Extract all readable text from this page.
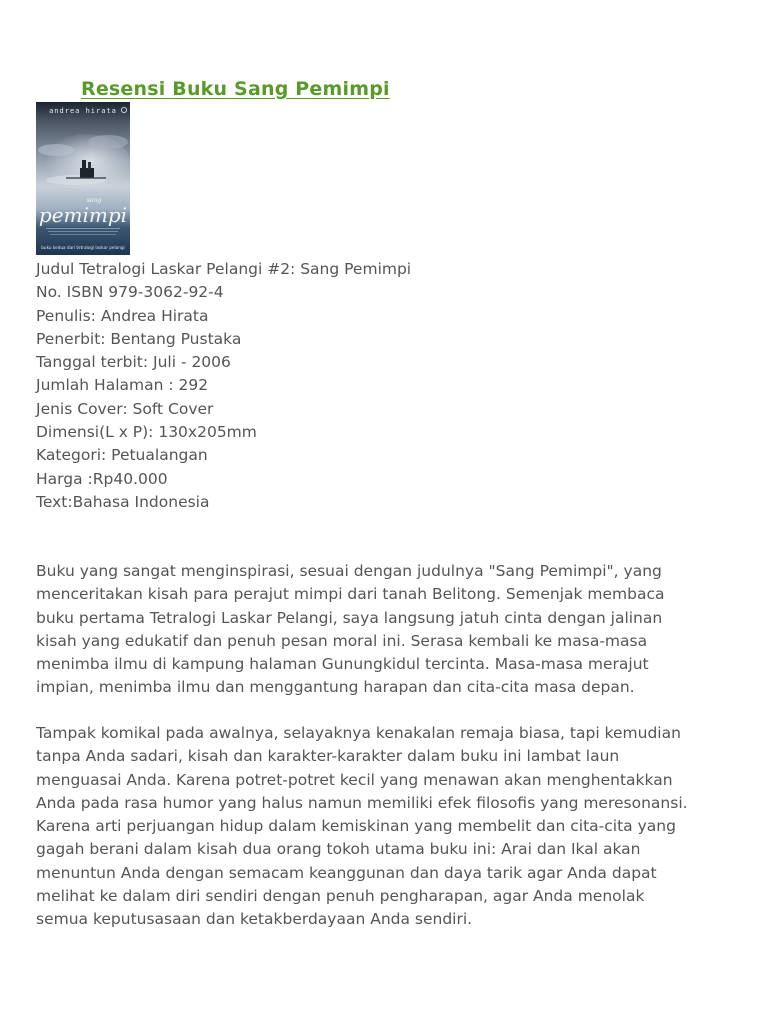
Resensi Buku Sang Pemimpi
andrea hirata
sang
pemimpi
buku kedua dari tetralogi laskar pelangi
Judul Tetralogi Laskar Pelangi #2: Sang Pemimpi
No. ISBN 979-3062-92-4
Penulis: Andrea Hirata
Penerbit: Bentang Pustaka
Tanggal terbit: Juli - 2006
Jumlah Halaman : 292
Jenis Cover: Soft Cover
Dimensi(L x P): 130x205mm
Kategori: Petualangan
Harga :Rp40.000
Text:Bahasa Indonesia
Buku yang sangat menginspirasi, sesuai dengan judulnya "Sang Pemimpi", yang
menceritakan kisah para perajut mimpi dari tanah Belitong. Semenjak membaca
buku pertama Tetralogi Laskar Pelangi, saya langsung jatuh cinta dengan jalinan
kisah yang edukatif dan penuh pesan moral ini. Serasa kembali ke masa-masa
menimba ilmu di kampung halaman Gunungkidul tercinta. Masa-masa merajut
impian, menimba ilmu dan menggantung harapan dan cita-cita masa depan.
Tampak komikal pada awalnya, selayaknya kenakalan remaja biasa, tapi kemudian
tanpa Anda sadari, kisah dan karakter-karakter dalam buku ini lambat laun
menguasai Anda. Karena potret-potret kecil yang menawan akan menghentakkan
Anda pada rasa humor yang halus namun memiliki efek filosofis yang meresonansi.
Karena arti perjuangan hidup dalam kemiskinan yang membelit dan cita-cita yang
gagah berani dalam kisah dua orang tokoh utama buku ini: Arai dan Ikal akan
menuntun Anda dengan semacam keanggunan dan daya tarik agar Anda dapat
melihat ke dalam diri sendiri dengan penuh pengharapan, agar Anda menolak
semua keputusasaan dan ketakberdayaan Anda sendiri.
